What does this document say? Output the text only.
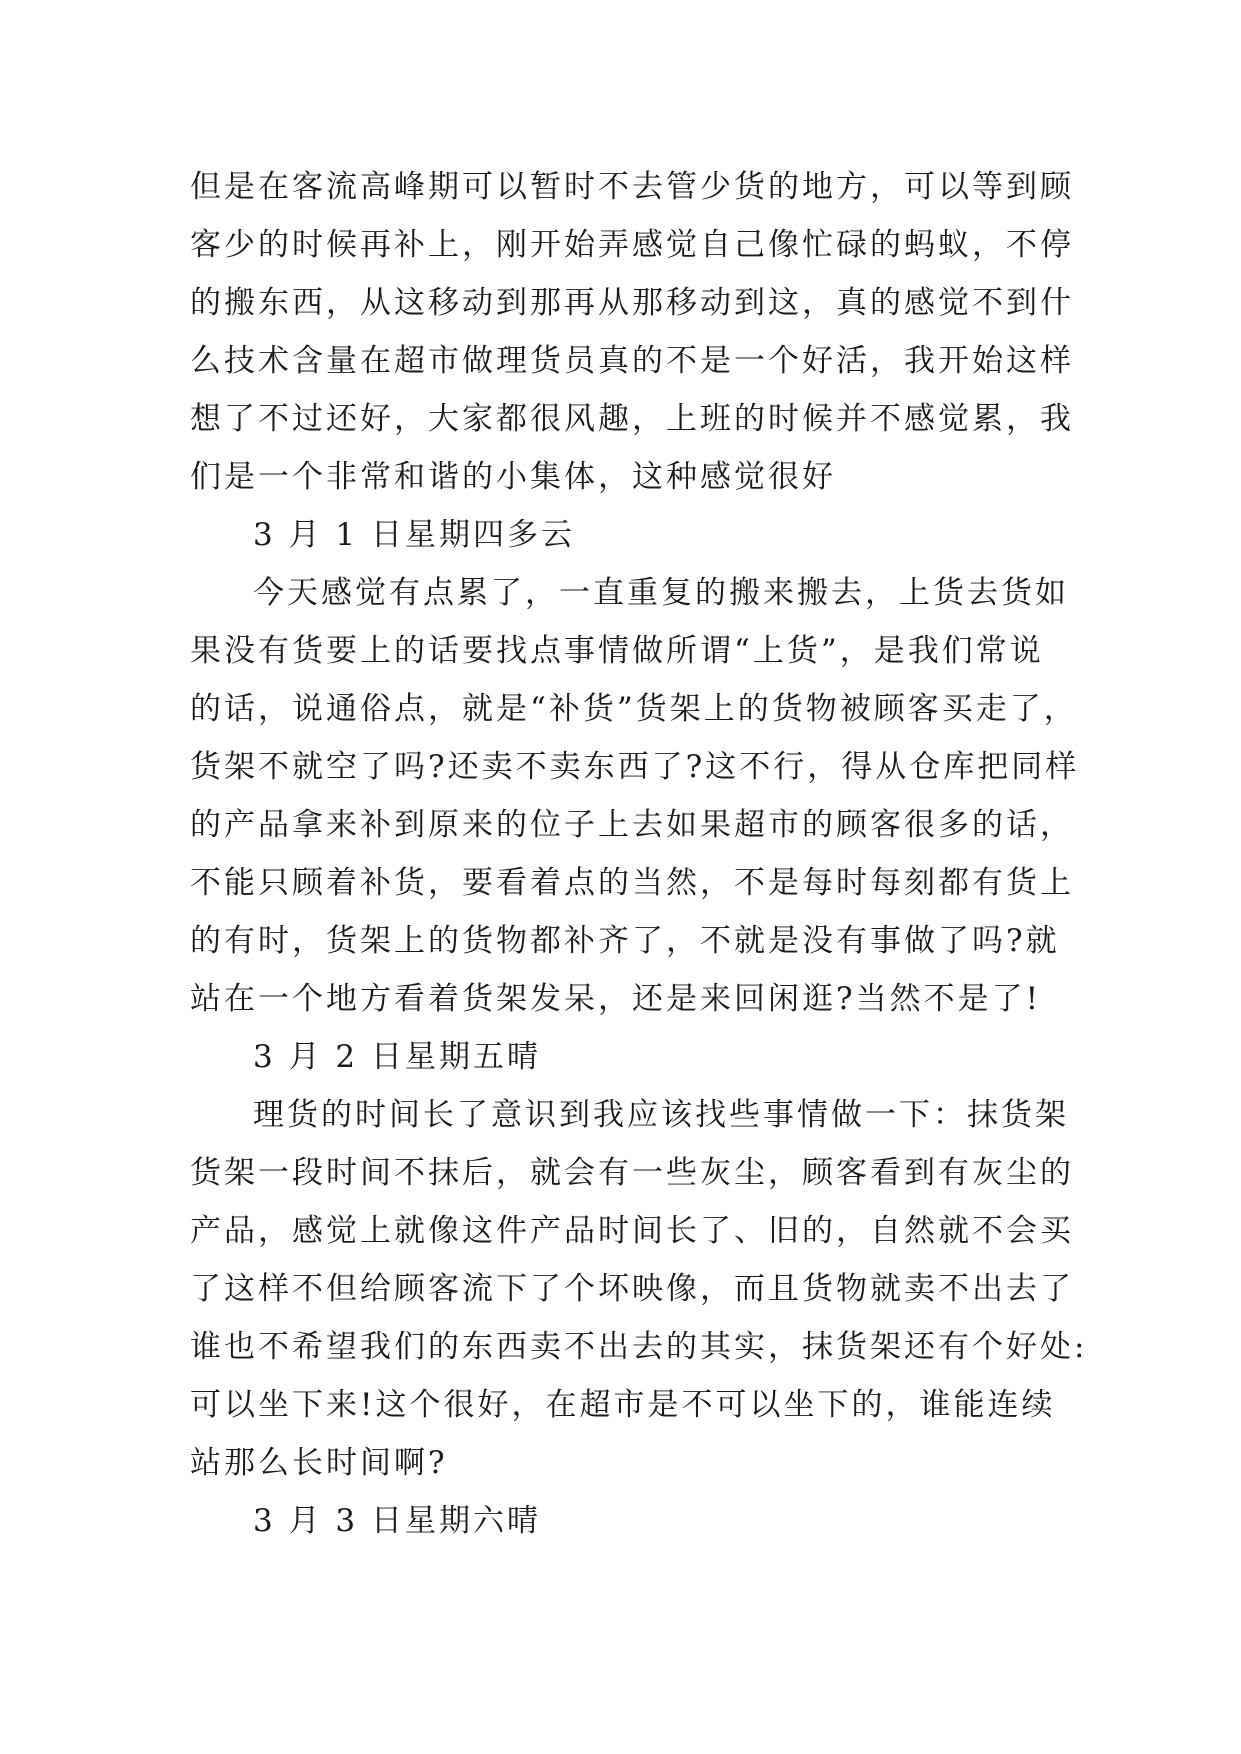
但是在客流高峰期可以暂时不去管少货的地方，可以等到顾
客少的时候再补上，刚开始弄感觉自己像忙碌的蚂蚁，不停
的搬东西，从这移动到那再从那移动到这，真的感觉不到什
么技术含量在超市做理货员真的不是一个好活，我开始这样
想了不过还好，大家都很风趣，上班的时候并不感觉累，我
们是一个非常和谐的小集体，这种感觉很好
3 月 1 日星期四多云
今天感觉有点累了，一直重复的搬来搬去，上货去货如
果没有货要上的话要找点事情做所谓“上货”，是我们常说
的话，说通俗点，就是“补货”货架上的货物被顾客买走了，
货架不就空了吗?还卖不卖东西了?这不行，得从仓库把同样
的产品拿来补到原来的位子上去如果超市的顾客很多的话，
不能只顾着补货，要看着点的当然，不是每时每刻都有货上
的有时，货架上的货物都补齐了，不就是没有事做了吗?就
站在一个地方看着货架发呆，还是来回闲逛?当然不是了!
3 月 2 日星期五晴
理货的时间长了意识到我应该找些事情做一下：抹货架
货架一段时间不抹后，就会有一些灰尘，顾客看到有灰尘的
产品，感觉上就像这件产品时间长了、旧的，自然就不会买
了这样不但给顾客流下了个坏映像，而且货物就卖不出去了
谁也不希望我们的东西卖不出去的其实，抹货架还有个好处:
可以坐下来!这个很好，在超市是不可以坐下的，谁能连续
站那么长时间啊?
3 月 3 日星期六晴
